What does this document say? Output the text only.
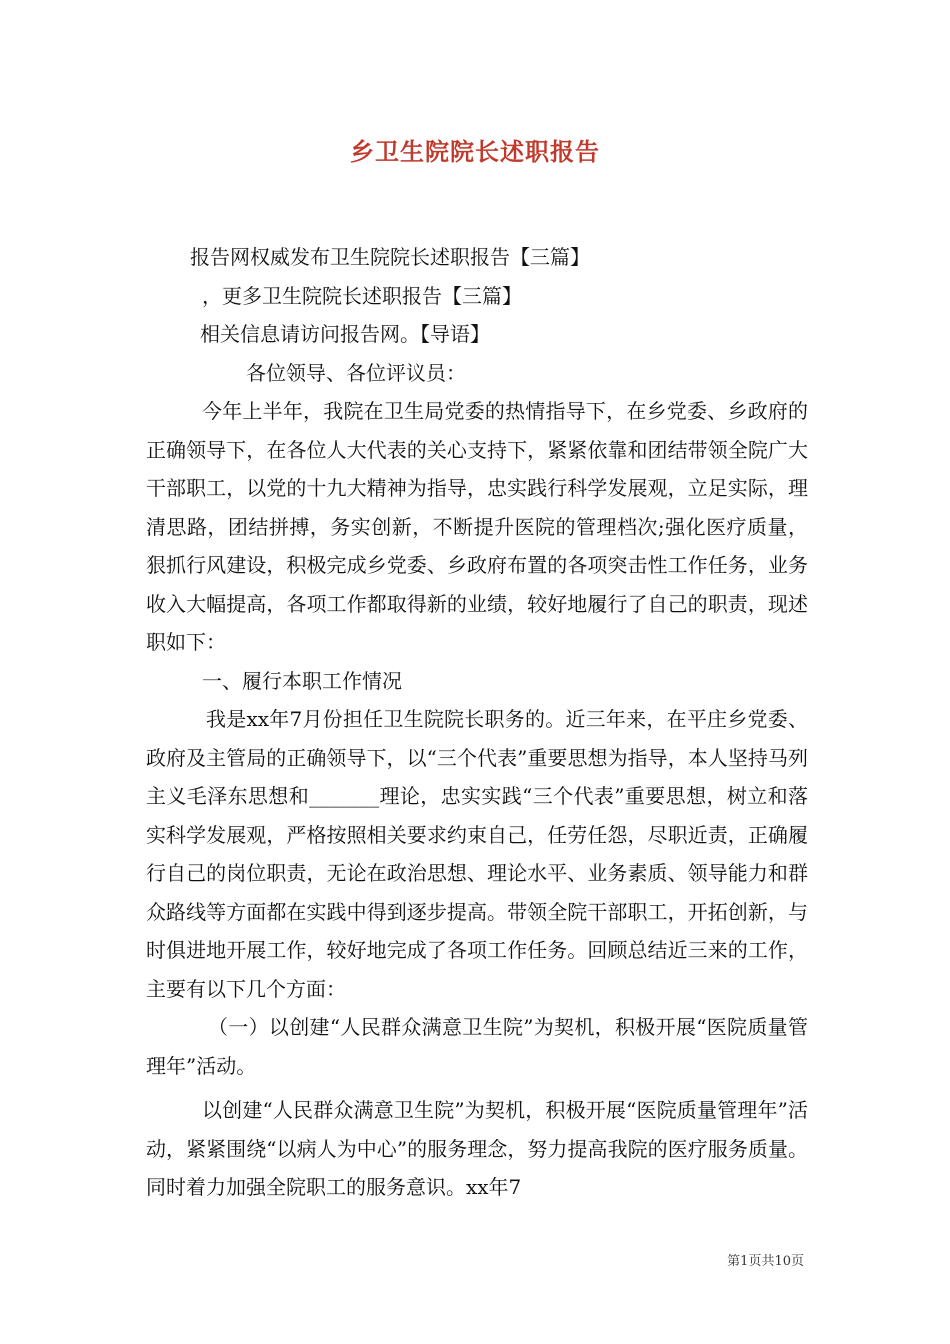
乡卫生院院长述职报告

报告网权威发布卫生院院长述职报告【三篇】

，更多卫生院院长述职报告【三篇】

相关信息请访问报告网。【导语】

各位领导、各位评议员：

今年上半年，我院在卫生局党委的热情指导下，在乡党委、乡政府的正确领导下，在各位人大代表的关心支持下，紧紧依靠和团结带领全院广大干部职工，以党的十九大精神为指导，忠实践行科学发展观，立足实际，理清思路，团结拼搏，务实创新，不断提升医院的管理档次;强化医疗质量，狠抓行风建设，积极完成乡党委、乡政府布置的各项突击性工作任务，业务收入大幅提高，各项工作都取得新的业绩，较好地履行了自己的职责，现述职如下：

一、履行本职工作情况

我是xx年7月份担任卫生院院长职务的。近三年来，在平庄乡党委、政府及主管局的正确领导下，以“三个代表”重要思想为指导，本人坚持马列主义毛泽东思想和_______理论，忠实实践“三个代表”重要思想，树立和落实科学发展观，严格按照相关要求约束自己，任劳任怨，尽职近责，正确履行自己的岗位职责，无论在政治思想、理论水平、业务素质、领导能力和群众路线等方面都在实践中得到逐步提高。带领全院干部职工，开拓创新，与时俱进地开展工作，较好地完成了各项工作任务。回顾总结近三来的工作，主要有以下几个方面：

（一）以创建“人民群众满意卫生院”为契机，积极开展“医院质量管理年”活动。

以创建“人民群众满意卫生院”为契机，积极开展“医院质量管理年”活动，紧紧围绕“以病人为中心”的服务理念，努力提高我院的医疗服务质量。同时着力加强全院职工的服务意识。xx年7

第1页共10页
